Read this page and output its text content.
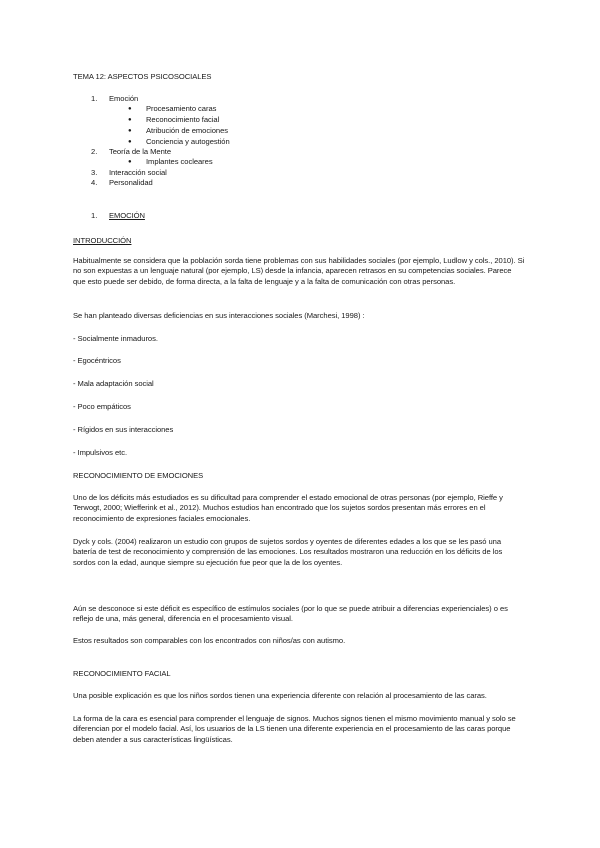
TEMA 12: ASPECTOS PSICOSOCIALES
1. Emoción
● Procesamiento caras
● Reconocimiento facial
● Atribución de emociones
● Conciencia y autogestión
2. Teoría de la Mente
● Implantes cocleares
3. Interacción social
4. Personalidad
1. EMOCIÓN
INTRODUCCIÓN
Habitualmente se considera que la población sorda tiene problemas con sus habilidades sociales (por ejemplo, Ludlow y cols., 2010). Si no son expuestas a un lenguaje natural (por ejemplo, LS) desde la infancia, aparecen retrasos en su competencias sociales. Parece que esto puede ser debido, de forma directa, a la falta de lenguaje y a la falta de comunicación con otras personas.
Se han planteado diversas deficiencias en sus interacciones sociales (Marchesi, 1998) :
- Socialmente inmaduros.
- Egocéntricos
- Mala adaptación social
- Poco empáticos
- Rígidos en sus interacciones
- Impulsivos etc.
RECONOCIMIENTO DE EMOCIONES
Uno de los déficits más estudiados es su dificultad para comprender el estado emocional de otras personas (por ejemplo, Rieffe y Terwogt, 2000; Wiefferink et al., 2012). Muchos estudios han encontrado que los sujetos sordos presentan más errores en el reconocimiento de expresiones faciales emocionales.
Dyck y cols. (2004) realizaron un estudio con grupos de sujetos sordos y oyentes de diferentes edades a los que se les pasó una batería de test de reconocimiento y comprensión de las emociones. Los resultados mostraron una reducción en los déficits de los sordos con la edad, aunque siempre su ejecución fue peor que la de los oyentes.
Aún se desconoce si este déficit es específico de estímulos sociales (por lo que se puede atribuir a diferencias experienciales) o es reflejo de una, más general, diferencia en el procesamiento visual.
Estos resultados son comparables con los encontrados con niños/as con autismo.
RECONOCIMIENTO FACIAL
Una posible explicación es que los niños sordos tienen una experiencia diferente con relación al procesamiento de las caras.
La forma de la cara es esencial para comprender el lenguaje de signos. Muchos signos tienen el mismo movimiento manual y solo se diferencian por el modelo facial. Así, los usuarios de la LS tienen una diferente experiencia en el procesamiento de las caras porque deben atender a sus características lingüísticas.
